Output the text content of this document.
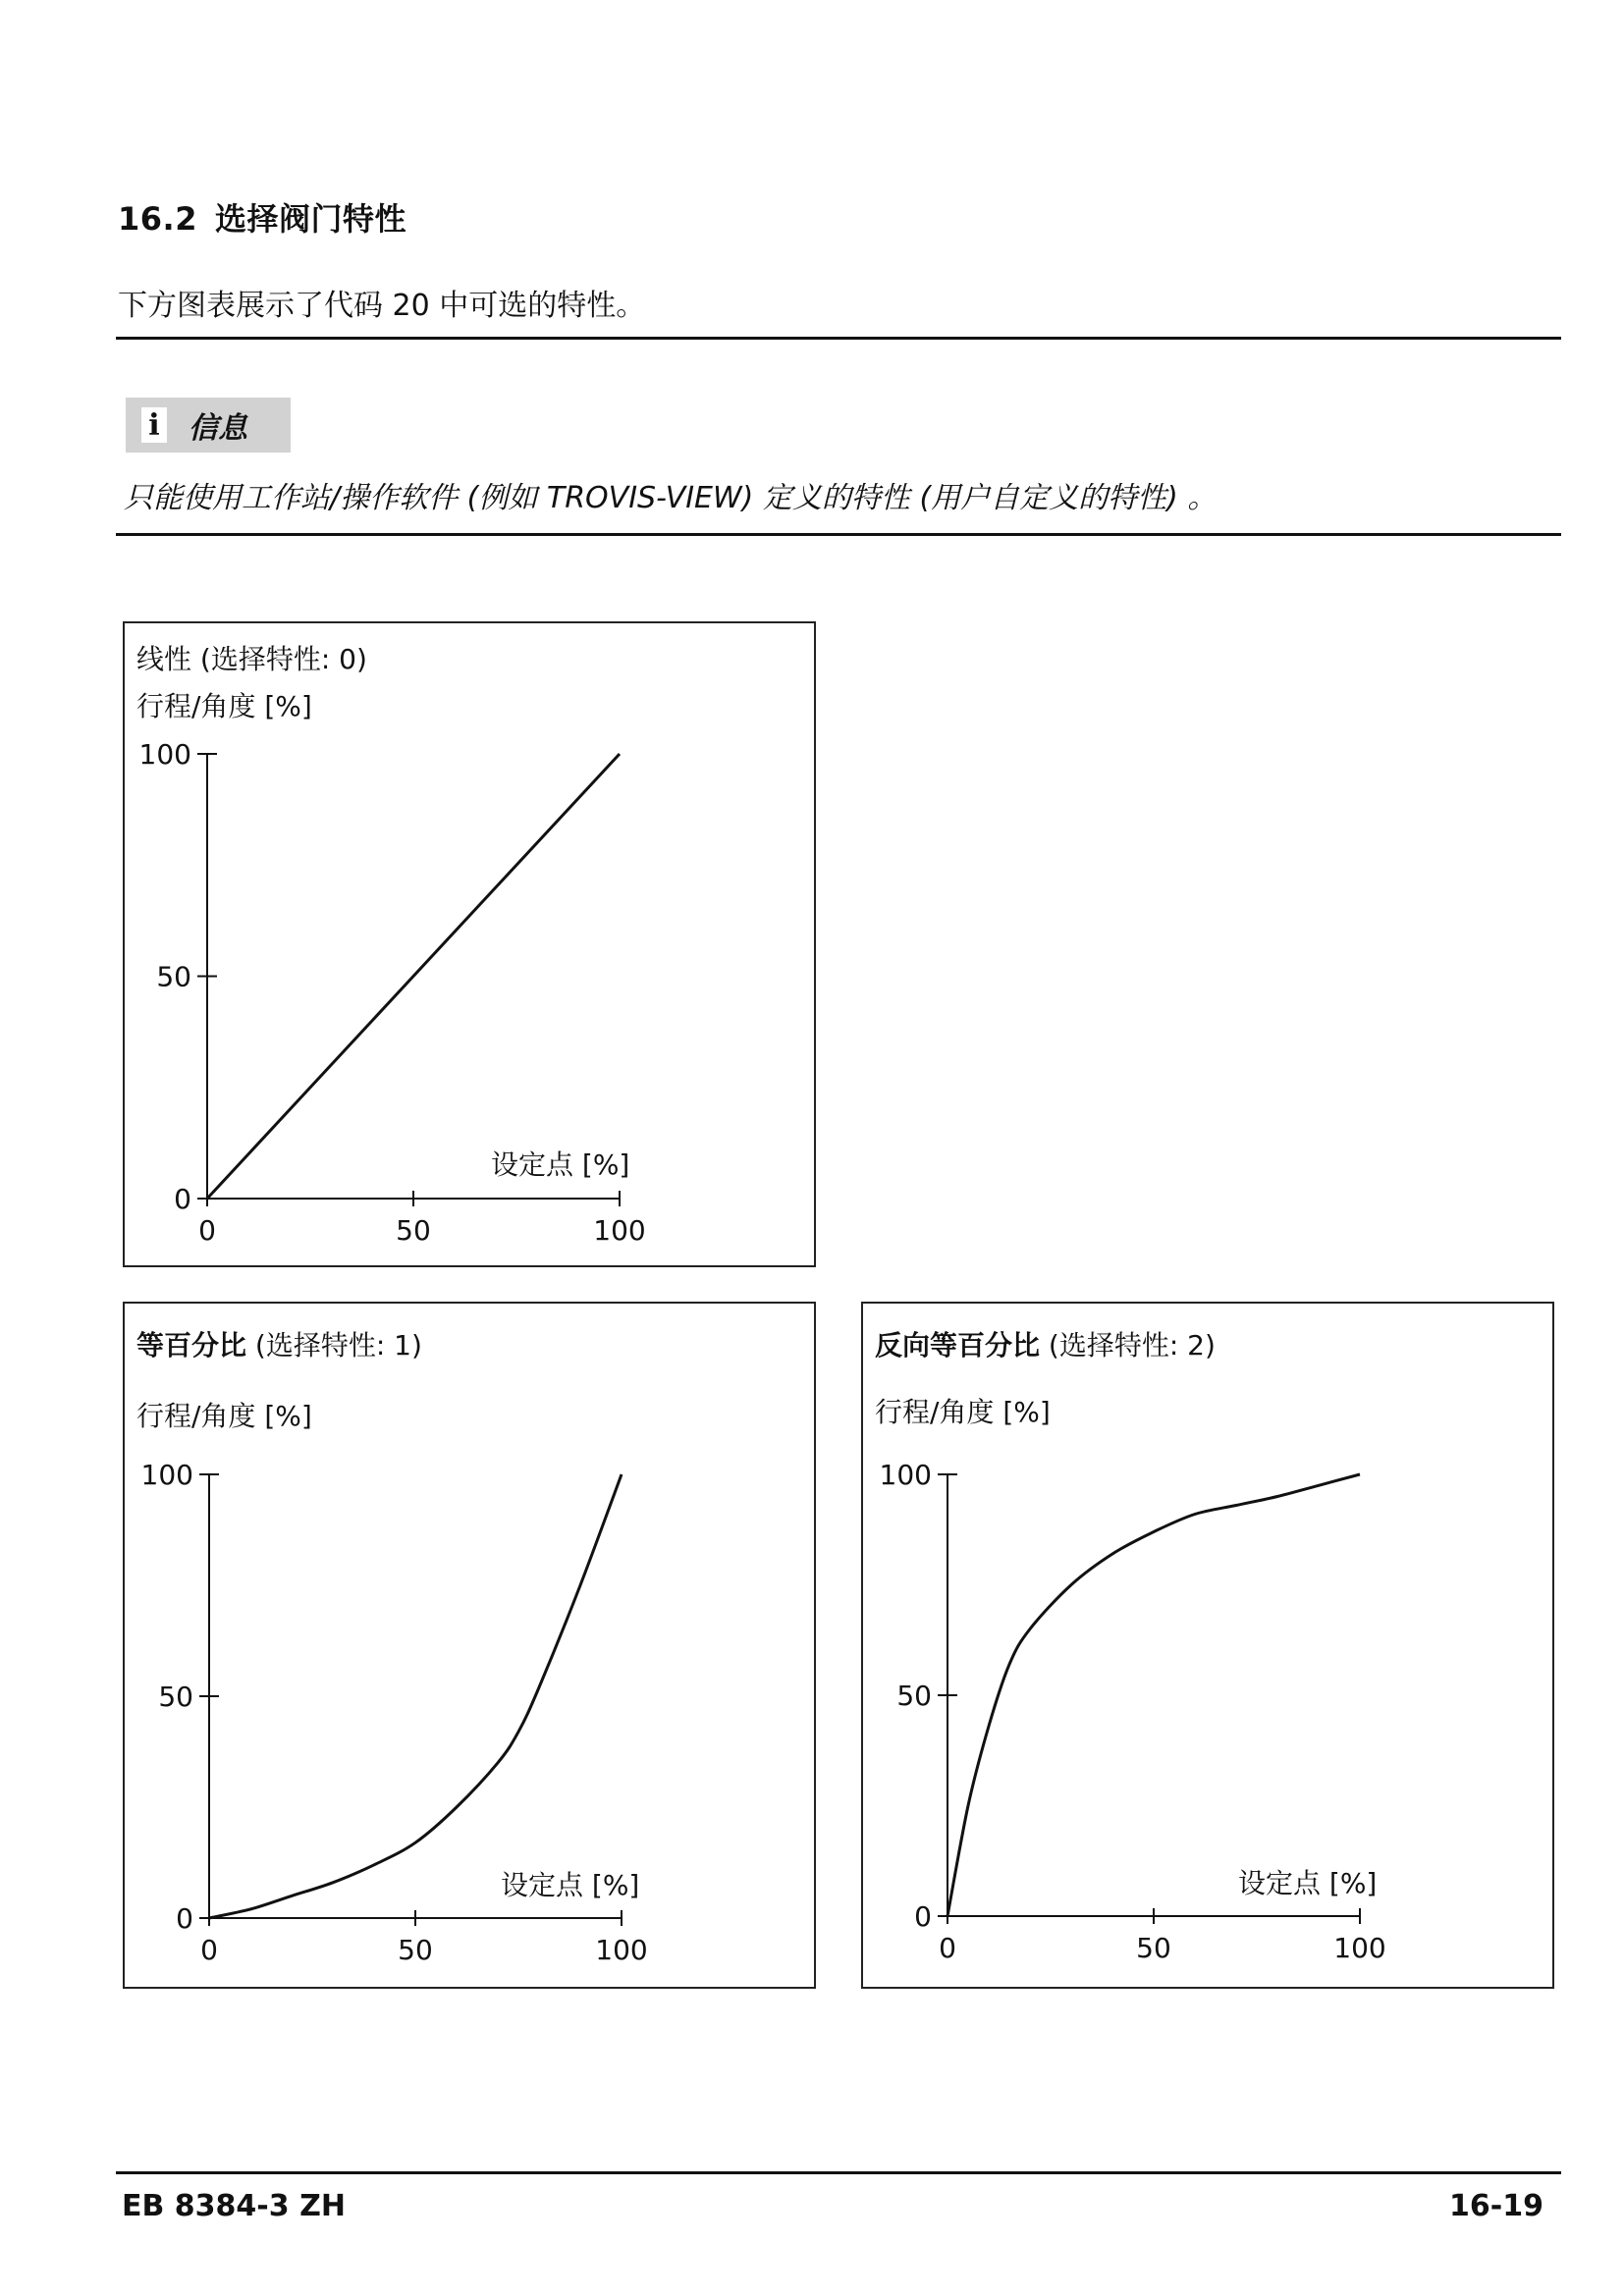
16.2 选择阀门特性
下方图表展示了代码 20 中可选的特性。
i 信息
只能使用工作站/操作软件 (例如 TROVIS-VIEW) 定义的特性 (用户自定义的特性) 。
线性 (选择特性: 0)
行程/角度 [%]
设定点 [%]
0	50	100
0
50
100
等百分比 (选择特性: 1)
行程/角度 [%]
设定点 [%]
0	50	100
0
50
100
反向等百分比 (选择特性: 2)
行程/角度 [%]
设定点 [%]
0	50	100
0
50
100
EB 8384-3 ZH	16-19
